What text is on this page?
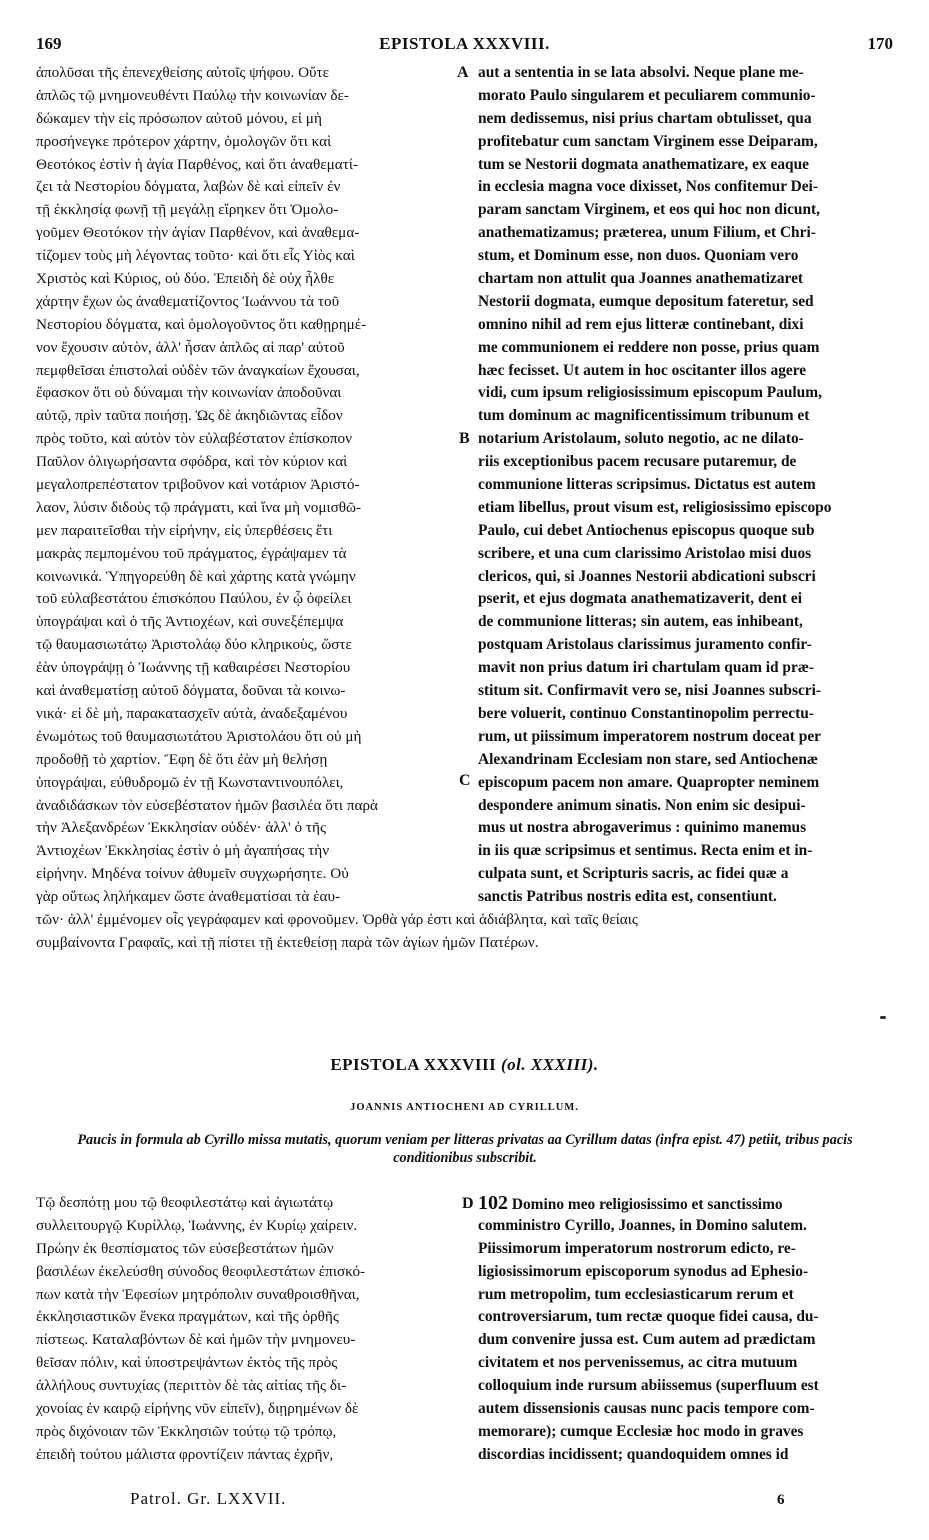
169	EPISTOLA XXXVIII.	170
ἀπολῦσαι τῆς ἐπενεχθείσης αὐτοῖς ψήφου. Οὔτε
ἁπλῶς τῷ μνημονευθέντι Παύλῳ τὴν κοινωνίαν δε-
δώκαμεν τὴν εἰς πρόσωπον αὐτοῦ μόνου, εἰ μὴ
προσήνεγκε πρότερον χάρτην, ὁμολογῶν ὅτι καὶ
Θεοτόκος ἐστὶν ἡ ἁγία Παρθένος, καὶ ὅτι ἀναθεματί-
ζει τὰ Νεστορίου δόγματα, λαβὼν δὲ καὶ εἰπεῖν ἐν
τῇ ἐκκλησίᾳ φωνῇ τῇ μεγάλῃ εἴρηκεν ὅτι Ὁμολο-
γοῦμεν Θεοτόκον τὴν ἁγίαν Παρθένον, καὶ ἀναθεμα-
τίζομεν τοὺς μὴ λέγοντας τοῦτο· καὶ ὅτι εἷς Υἱὸς καὶ
Χριστὸς καὶ Κύριος, οὐ δύο. Ἐπειδὴ δὲ οὐχ ἦλθε
χάρτην ἔχων ὡς ἀναθεματίζοντος Ἰωάννου τὰ τοῦ
Νεστορίου δόγματα, καὶ ὁμολογοῦντος ὅτι καθῃρημέ-
νον ἔχουσιν αὐτὸν, ἀλλ' ἦσαν ἁπλῶς αἱ παρ' αὐτοῦ
πεμφθεῖσαι ἐπιστολαὶ οὐδὲν τῶν ἀναγκαίων ἔχουσαι,
ἔφασκον ὅτι οὐ δύναμαι τὴν κοινωνίαν ἀποδοῦναι
αὐτῷ, πρὶν ταῦτα ποιήσῃ. Ὡς δὲ ἀκηδιῶντας εἶδον
πρὸς τοῦτο, καὶ αὐτὸν τὸν εὐλαβέστατον ἐπίσκοπον
Παῦλον ὀλιγωρήσαντα σφόδρα, καὶ τὸν κύριον καὶ
μεγαλοπρεπέστατον τριβοῦνον καὶ νοτάριον Ἀριστό-
λαον, λύσιν διδοὺς τῷ πράγματι, καὶ ἵνα μὴ νομισθῶ-
μεν παραιτεῖσθαι τὴν εἰρήνην, εἰς ὑπερθέσεις ἔτι
μακρὰς πεμπομένου τοῦ πράγματος, ἐγράψαμεν τὰ
κοινωνικά. Ὑπηγορεύθη δὲ καὶ χάρτης κατὰ γνώμην
τοῦ εὐλαβεστάτου ἐπισκόπου Παύλου, ἐν ᾧ ὀφείλει
ὑπογράψαι καὶ ὁ τῆς Ἀντιοχέων, καὶ συνεξέπεμψα
τῷ θαυμασιωτάτῳ Ἀριστολάῳ δύο κληρικοὺς, ὥστε
ἐὰν ὑπογράψῃ ὁ Ἰωάννης τῇ καθαιρέσει Νεστορίου
καὶ ἀναθεματίσῃ αὐτοῦ δόγματα, δοῦναι τὰ κοινω-
νικά· εἰ δὲ μὴ, παρακατασχεῖν αὐτὰ, ἀναδεξαμένου
ἐνωμότως τοῦ θαυμασιωτάτου Ἀριστολάου ὅτι οὐ μὴ
προδοθῇ τὸ χαρτίον. Ἔφη δὲ ὅτι ἐὰν μὴ θελήσῃ
ὑπογράψαι, εὐθυδρομῶ ἐν τῇ Κωνσταντινουπόλει,
ἀναδιδάσκων τὸν εὐσεβέστατον ἡμῶν βασιλέα ὅτι παρὰ
τὴν Ἀλεξανδρέων Ἐκκλησίαν οὐδέν· ἀλλ' ὁ τῆς
Ἀντιοχέων Ἐκκλησίας ἐστὶν ὁ μὴ ἀγαπήσας τὴν
εἰρήνην. Μηδένα τοίνυν ἀθυμεῖν συγχωρήσητε. Οὐ
γὰρ οὕτως ληλήκαμεν ὥστε ἀναθεματίσαι τὰ ἑαυ-
aut a sententia in se lata absolvi. Neque plane me-
morato Paulo singularem et peculiarem communio-
nem dedissemus, nisi prius chartam obtulisset, qua
profitebatur cum sanctam Virginem esse Deiparam,
tum se Nestorii dogmata anathematizare, ex eaque
in ecclesia magna voce dixisset, Nos confitemur Dei-
param sanctam Virginem, et eos qui hoc non dicunt,
anathematizamus; præterea, unum Filium, et Chri-
stum, et Dominum esse, non duos. Quoniam vero
chartam non attulit qua Joannes anathematizaret
Nestorii dogmata, eumque depositum fateretur, sed
omnino nihil ad rem ejus litteræ continebant, dixi
me communionem ei reddere non posse, prius quam
hæc fecisset. Ut autem in hoc oscitanter illos agere
vidi, cum ipsum religiosissimum episcopum Paulum,
tum dominum ac magnificentissimum tribunum et
notarium Aristolaum, soluto negotio, ac ne dilato-
riis exceptionibus pacem recusare putaremur, de
communione litteras scripsimus. Dictatus est autem
etiam libellus, prout visum est, religiosissimo episcopo
Paulo, cui debet Antiochenus episcopus quoque sub
scribere, et una cum clarissimo Aristolao misi duos
clericos, qui, si Joannes Nestorii abdicationi subscri
pserit, et ejus dogmata anathematizaverit, dent ei
de communione litteras; sin autem, eas inhibeant,
postquam Aristolaus clarissimus juramento confir-
mavit non prius datum iri chartulam quam id præ-
stitum sit. Confirmavit vero se, nisi Joannes subscri-
bere voluerit, continuo Constantinopolim perrectu-
rum, ut piissimum imperatorem nostrum doceat per
Alexandrinam Ecclesiam non stare, sed Antiochenæ
episcopum pacem non amare. Quapropter neminem
despondere animum sinatis. Non enim sic desipui-
mus ut nostra abrogaverimus : quinimo manemus
in iis quæ scripsimus et sentimus. Recta enim et in-
culpata sunt, et Scripturis sacris, ac fidei quæ a
sanctis Patribus nostris edita est, consentiunt.
A
B
C
τῶν· ἀλλ' ἐμμένομεν οἷς γεγράφαμεν καὶ φρονοῦμεν. Ὀρθὰ γάρ ἐστι καὶ ἀδιάβλητα, καὶ ταῖς θείαις
συμβαίνοντα Γραφαῖς, καὶ τῇ πίστει τῇ ἐκτεθείσῃ παρὰ τῶν ἁγίων ἡμῶν Πατέρων.
EPISTOLA XXXVIII (ol. XXXIII).
JOANNIS ANTIOCHENI AD CYRILLUM.
Paucis in formula ab Cyrillo missa mutatis, quorum veniam per litteras privatas aa Cyrillum datas (infra epist. 47) petiit, tribus pacis conditionibus subscribit.
Τῷ δεσπότῃ μου τῷ θεοφιλεστάτῳ καὶ ἁγιωτάτῳ
συλλειτουργῷ Κυρίλλῳ, Ἰωάννης, ἐν Κυρίῳ χαίρειν.
Πρώην ἐκ θεσπίσματος τῶν εὐσεβεστάτων ἡμῶν
βασιλέων ἐκελεύσθη σύνοδος θεοφιλεστάτων ἐπισκό-
πων κατὰ τὴν Ἐφεσίων μητρόπολιν συναθροισθῆναι,
ἐκκλησιαστικῶν ἕνεκα πραγμάτων, καὶ τῆς ὀρθῆς
πίστεως. Καταλαβόντων δὲ καὶ ἡμῶν τὴν μνημονευ-
θεῖσαν πόλιν, καὶ ὑποστρεψάντων ἐκτὸς τῆς πρὸς
ἀλλήλους συντυχίας (περιττὸν δὲ τὰς αἰτίας τῆς δι-
χονοίας ἐν καιρῷ εἰρήνης νῦν εἰπεῖν), διῃρημένων δὲ
πρὸς διχόνοιαν τῶν Ἐκκλησιῶν τούτῳ τῷ τρόπῳ,
ἐπειδὴ τούτου μάλιστα φροντίζειν πάντας ἐχρῆν,
D 102 Domino meo religiosissimo et sanctissimo
comministro Cyrillo, Joannes, in Domino salutem.
Piissimorum imperatorum nostrorum edicto, re-
ligiosissimorum episcoporum synodus ad Ephesio-
rum metropolim, tum ecclesiasticarum rerum et
controversiarum, tum rectæ quoque fidei causa, du-
dum convenire jussa est. Cum autem ad prædictam
civitatem et nos pervenissemus, ac citra mutuum
colloquium inde rursum abiissemus (superfluum est
autem dissensionis causas nunc pacis tempore com-
memorare); cumque Ecclesiæ hoc modo in graves
discordias incidissent; quandoquidem omnes id
Patrol. Gr. LXXVII.	6
